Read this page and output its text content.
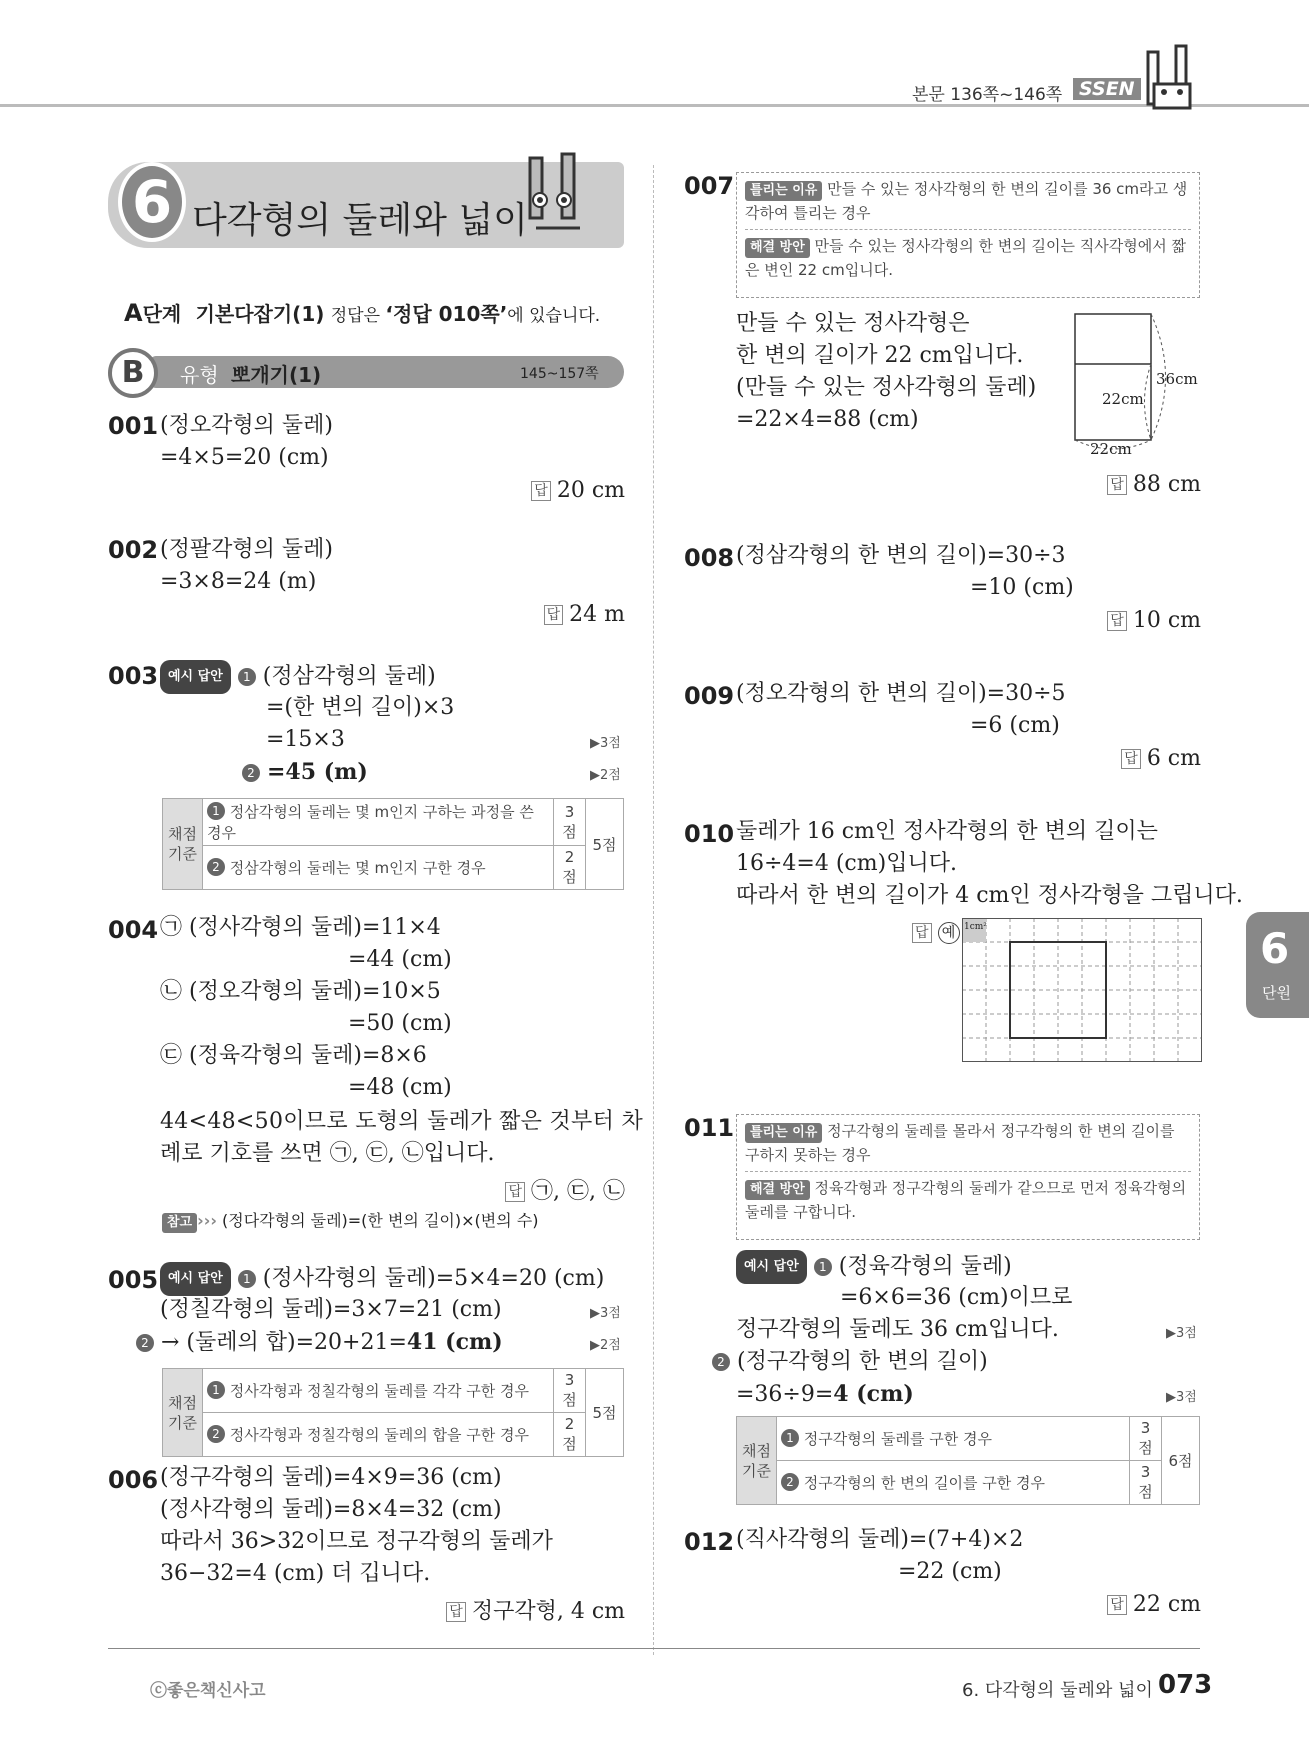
본문 136쪽~146쪽 SSEN
6 다각형의 둘레와 넓이
A단계 기본다잡기(1) 정답은 ‘정답 010쪽’에 있습니다.
B	유형 뽀개기(1)	145~157쪽
001 (정오각형의 둘레)
=4×5=20 (cm)
답 20 cm
002 (정팔각형의 둘레)
=3×8=24 (m)
답 24 m
003 예시 답안 1 (정삼각형의 둘레)
=(한 변의 길이)×3
=15×3	▶3점
2 =45 (m)	▶2점
채점 기준	1 정삼각형의 둘레는 몇 m인지 구하는 과정을 쓴 경우	3점	5점
	2 정삼각형의 둘레는 몇 m인지 구한 경우	2점	
004 ㉠ (정사각형의 둘레)=11×4
=44 (cm)
㉡ (정오각형의 둘레)=10×5
=50 (cm)
㉢ (정육각형의 둘레)=8×6
=48 (cm)
44<48<50이므로 도형의 둘레가 짧은 것부터 차
례로 기호를 쓰면 ㉠, ㉢, ㉡입니다.
답 ㉠, ㉢, ㉡
참고 ››› (정다각형의 둘레)=(한 변의 길이)×(변의 수)
005 예시 답안 1 (정사각형의 둘레)=5×4=20 (cm)
(정칠각형의 둘레)=3×7=21 (cm)	▶3점
2 → (둘레의 합)=20+21=41 (cm)	▶2점
채점 기준	1 정사각형과 정칠각형의 둘레를 각각 구한 경우	3점	5점
	2 정사각형과 정칠각형의 둘레의 합을 구한 경우	2점	
006 (정구각형의 둘레)=4×9=36 (cm)
(정사각형의 둘레)=8×4=32 (cm)
따라서 36>32이므로 정구각형의 둘레가
36−32=4 (cm) 더 깁니다.
답 정구각형, 4 cm
007	틀리는 이유 만들 수 있는 정사각형의 한 변의 길이를 36 cm라고 생각하여 틀리는 경우
해결 방안 만들 수 있는 정사각형의 한 변의 길이는 직사각형에서 짧은 변인 22 cm입니다.
만들 수 있는 정사각형은
한 변의 길이가 22 cm입니다.
(만들 수 있는 정사각형의 둘레)
=22×4=88 (cm)
36cm
22cm
22cm
답 88 cm
008 (정삼각형의 한 변의 길이)=30÷3
=10 (cm)
답 10 cm
009 (정오각형의 한 변의 길이)=30÷5
=6 (cm)
답 6 cm
010 둘레가 16 cm인 정사각형의 한 변의 길이는
16÷4=4 (cm)입니다.
따라서 한 변의 길이가 4 cm인 정사각형을 그립니다.
답 예 1cm²	6
단원
011	틀리는 이유 정구각형의 둘레를 몰라서 정구각형의 한 변의 길이를 구하지 못하는 경우
해결 방안 정육각형과 정구각형의 둘레가 같으므로 먼저 정육각형의 둘레를 구합니다.
예시 답안 1 (정육각형의 둘레)
=6×6=36 (cm)이므로
정구각형의 둘레도 36 cm입니다.	▶3점
2 (정구각형의 한 변의 길이)
=36÷9=4 (cm)	▶3점
채점 기준	1 정구각형의 둘레를 구한 경우	3점	6점
	2 정구각형의 한 변의 길이를 구한 경우	3점	
012 (직사각형의 둘레)=(7+4)×2
=22 (cm)
답 22 cm
ⓒ좋은책신사고	6. 다각형의 둘레와 넓이 073
